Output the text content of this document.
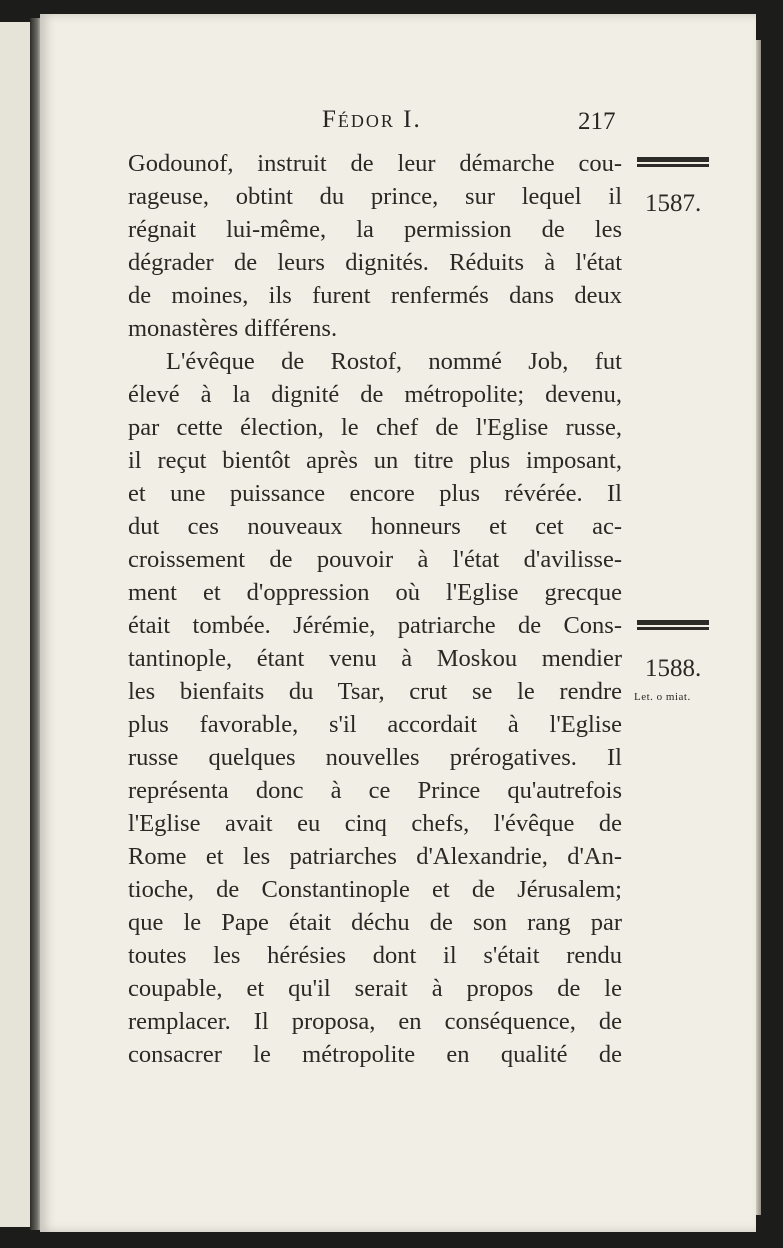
Fédor I.	217
Godounof, instruit de leur démarche cou-
rageuse, obtint du prince, sur lequel il
régnait lui-même, la permission de les
dégrader de leurs dignités. Réduits à l'état
de moines, ils furent renfermés dans deux
monastères différens.
L'évêque de Rostof, nommé Job, fut
élevé à la dignité de métropolite; devenu,
par cette élection, le chef de l'Eglise russe,
il reçut bientôt après un titre plus imposant,
et une puissance encore plus révérée. Il
dut ces nouveaux honneurs et cet ac-
croissement de pouvoir à l'état d'avilisse-
ment et d'oppression où l'Eglise grecque
était tombée. Jérémie, patriarche de Cons-
tantinople, étant venu à Moskou mendier
les bienfaits du Tsar, crut se le rendre
plus favorable, s'il accordait à l'Eglise
russe quelques nouvelles prérogatives. Il
représenta donc à ce Prince qu'autrefois
l'Eglise avait eu cinq chefs, l'évêque de
Rome et les patriarches d'Alexandrie, d'An-
tioche, de Constantinople et de Jérusalem;
que le Pape était déchu de son rang par
toutes les hérésies dont il s'était rendu
coupable, et qu'il serait à propos de le
remplacer. Il proposa, en conséquence, de
consacrer le métropolite en qualité de
1587.
1588.
Let. o miat.
